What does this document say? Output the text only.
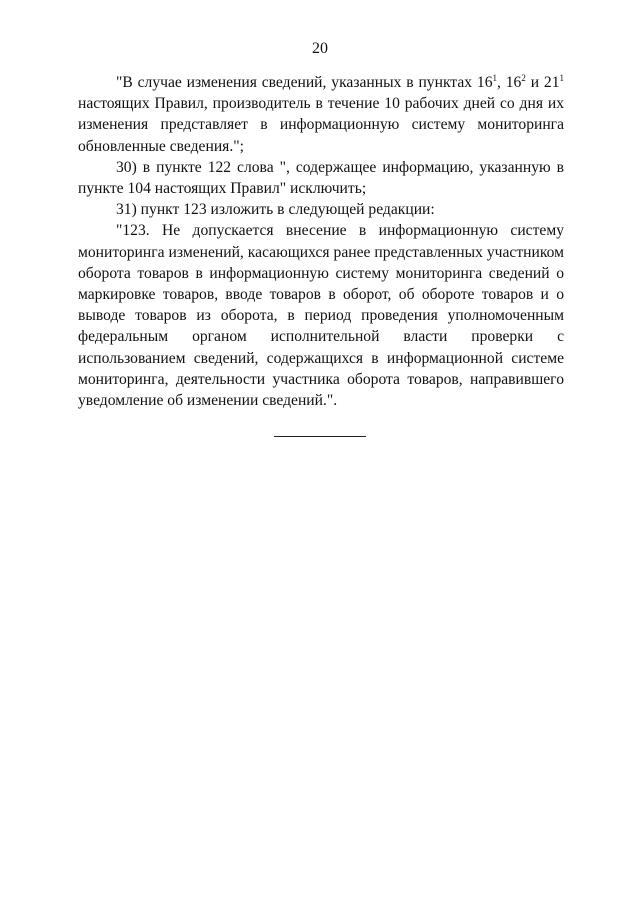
20

"В случае изменения сведений, указанных в пунктах $16^1$, $16^2$ и $21^1$ настоящих Правил, производитель в течение 10 рабочих дней со дня их изменения представляет в информационную систему мониторинга обновленные сведения.";

30) в пункте 122 слова ", содержащее информацию, указанную в пункте 104 настоящих Правил" исключить;

31) пункт 123 изложить в следующей редакции:

"123. Не допускается внесение в информационную систему мониторинга изменений, касающихся ранее представленных участником оборота товаров в информационную систему мониторинга сведений о маркировке товаров, вводе товаров в оборот, об обороте товаров и о выводе товаров из оборота, в период проведения уполномоченным федеральным органом исполнительной власти проверки с использованием сведений, содержащихся в информационной системе мониторинга, деятельности участника оборота товаров, направившего уведомление об изменении сведений.".
